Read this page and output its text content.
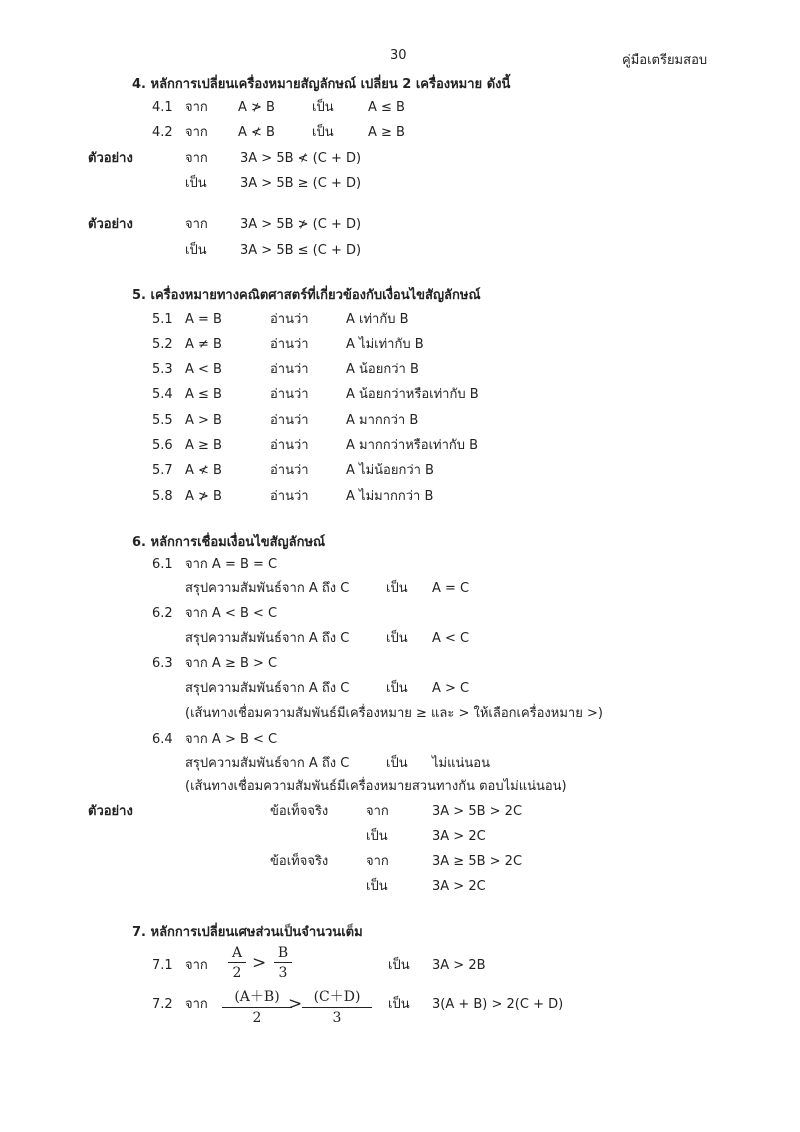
30	คู่มือเตรียมสอบ
4. หลักการเปลี่ยนเครื่องหมายสัญลักษณ์ เปลี่ยน 2 เครื่องหมาย ดังนี้
4.1 จาก A ≯ B	เป็น	A ≤ B
4.2 จาก A ≮ B	เป็น	A ≥ B
ตัวอย่าง	จาก 3A > 5B ≮ (C + D)
เป็น	3A > 5B ≥ (C + D)
ตัวอย่าง	จาก 3A > 5B ≯ (C + D)
เป็น	3A > 5B ≤ (C + D)
5. เครื่องหมายทางคณิตศาสตร์ที่เกี่ยวข้องกับเงื่อนไขสัญลักษณ์
5.1 A = B	อ่านว่า	A เท่ากับ B
5.2 A ≠ B	อ่านว่า	A ไม่เท่ากับ B
5.3 A < B	อ่านว่า	A น้อยกว่า B
5.4 A ≤ B	อ่านว่า	A น้อยกว่าหรือเท่ากับ B
5.5 A > B	อ่านว่า	A มากกว่า B
5.6 A ≥ B	อ่านว่า	A มากกว่าหรือเท่ากับ B
5.7 A ≮ B	อ่านว่า	A ไม่น้อยกว่า B
5.8 A ≯ B	อ่านว่า	A ไม่มากกว่า B
6. หลักการเชื่อมเงื่อนไขสัญลักษณ์
6.1 จาก A = B = C
สรุปความสัมพันธ์จาก A ถึง C	เป็น A = C
6.2 จาก A < B < C
สรุปความสัมพันธ์จาก A ถึง C	เป็น A < C
6.3 จาก A ≥ B > C
สรุปความสัมพันธ์จาก A ถึง C	เป็น A > C
(เส้นทางเชื่อมความสัมพันธ์มีเครื่องหมาย ≥ และ > ให้เลือกเครื่องหมาย >)
6.4 จาก A > B < C
สรุปความสัมพันธ์จาก A ถึง C	เป็น ไม่แน่นอน
(เส้นทางเชื่อมความสัมพันธ์มีเครื่องหมายสวนทางกัน ตอบไม่แน่นอน)
ตัวอย่าง	ข้อเท็จจริง	จาก	3A > 5B > 2C
เป็น	3A > 2C
ข้อเท็จจริง	จาก	3A ≥ 5B > 2C
เป็น	3A > 2C
7. หลักการเปลี่ยนเศษส่วนเป็นจำนวนเต็ม
7.1 จาก
$\frac{A}{2}$
>
$\frac{B}{3}$	เป็น 3A > 2B
7.2 จาก $\frac{(A+B)}{2}$
> $\frac{(C+D)}{3}$ เป็น 3(A + B) > 2(C + D)
